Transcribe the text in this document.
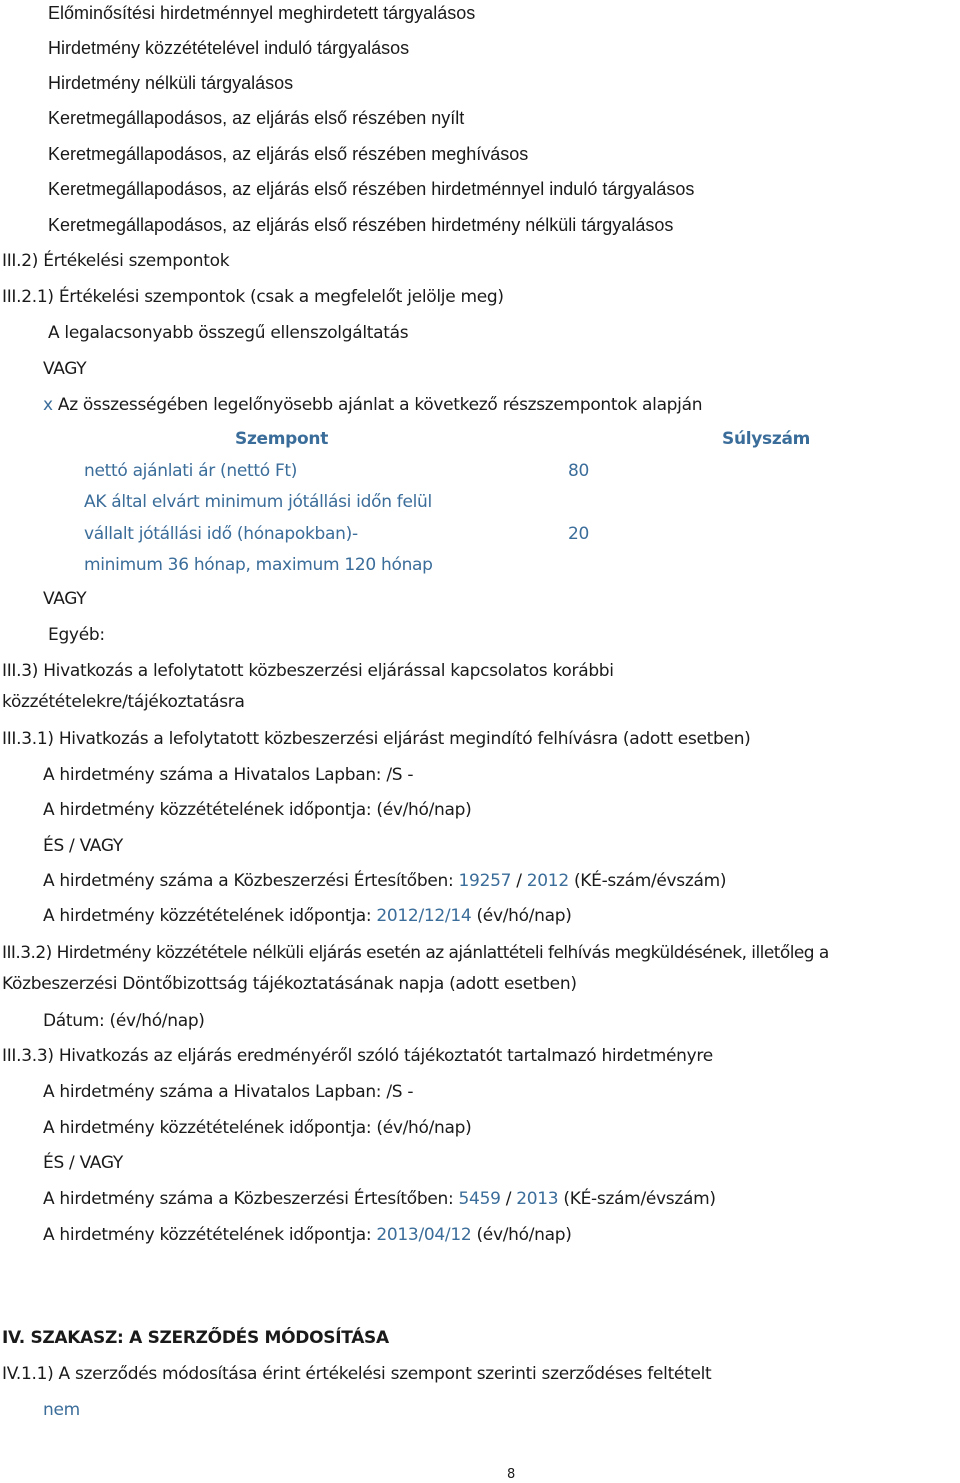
Előminősítési hirdetménnyel meghirdetett tárgyalásos
Hirdetmény közzétételével induló tárgyalásos
Hirdetmény nélküli tárgyalásos
Keretmegállapodásos, az eljárás első részében nyílt
Keretmegállapodásos, az eljárás első részében meghívásos
Keretmegállapodásos, az eljárás első részében hirdetménnyel induló tárgyalásos
Keretmegállapodásos, az eljárás első részében hirdetmény nélküli tárgyalásos
III.2) Értékelési szempontok
III.2.1) Értékelési szempontok (csak a megfelelőt jelölje meg)
A legalacsonyabb összegű ellenszolgáltatás
VAGY
x Az összességében legelőnyösebb ajánlat a következő részszempontok alapján
Szempont	Súlyszám
nettó ajánlati ár (nettó Ft)	80
AK által elvárt minimum jótállási időn felül
vállalt jótállási idő (hónapokban)-	20
minimum 36 hónap, maximum 120 hónap
VAGY
Egyéb:
III.3) Hivatkozás a lefolytatott közbeszerzési eljárással kapcsolatos korábbi
közzétételekre/tájékoztatásra
III.3.1) Hivatkozás a lefolytatott közbeszerzési eljárást megindító felhívásra (adott esetben)
A hirdetmény száma a Hivatalos Lapban: /S -
A hirdetmény közzétételének időpontja: (év/hó/nap)
ÉS / VAGY
A hirdetmény száma a Közbeszerzési Értesítőben: 19257 / 2012 (KÉ-szám/évszám)
A hirdetmény közzétételének időpontja: 2012/12/14 (év/hó/nap)
III.3.2) Hirdetmény közzététele nélküli eljárás esetén az ajánlattételi felhívás megküldésének, illetőleg a
Közbeszerzési Döntőbizottság tájékoztatásának napja (adott esetben)
Dátum: (év/hó/nap)
III.3.3) Hivatkozás az eljárás eredményéről szóló tájékoztatót tartalmazó hirdetményre
A hirdetmény száma a Hivatalos Lapban: /S -
A hirdetmény közzétételének időpontja: (év/hó/nap)
ÉS / VAGY
A hirdetmény száma a Közbeszerzési Értesítőben: 5459 / 2013 (KÉ-szám/évszám)
A hirdetmény közzétételének időpontja: 2013/04/12 (év/hó/nap)
IV. SZAKASZ: A SZERZŐDÉS MÓDOSÍTÁSA
IV.1.1) A szerződés módosítása érint értékelési szempont szerinti szerződéses feltételt
nem
8
